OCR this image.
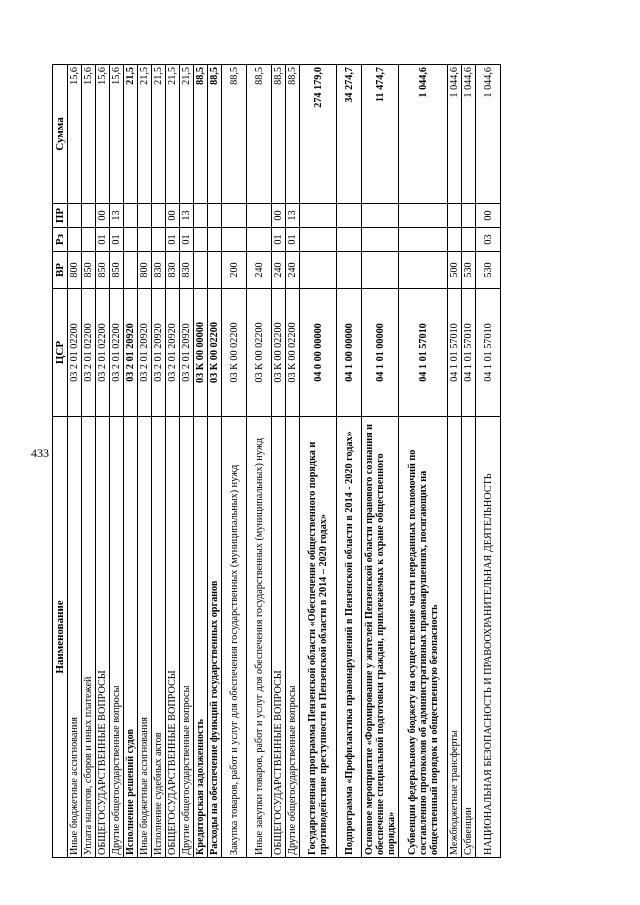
433
Наименование	ЦСР	ВР	Рз	ПР	Сумма
Иные бюджетные ассигнования	03 2 01 02200	800			15,6
Уплата налогов, сборов и иных платежей	03 2 01 02200	850			15,6
ОБЩЕГОСУДАРСТВЕННЫЕ ВОПРОСЫ	03 2 01 02200	850	01	00	15,6
Другие общегосударственные вопросы	03 2 01 02200	850	01	13	15,6
Исполнение решений судов	03 2 01 20920				21,5
Иные бюджетные ассигнования	03 2 01 20920	800			21,5
Исполнение судебных актов	03 2 01 20920	830			21,5
ОБЩЕГОСУДАРСТВЕННЫЕ ВОПРОСЫ	03 2 01 20920	830	01	00	21,5
Другие общегосударственные вопросы	03 2 01 20920	830	01	13	21,5
Кредиторская задолженность	03 К 00 00000				88,5
Расходы на обеспечение функций государственных органов	03 К 00 02200				88,5
Закупка товаров, работ и услуг для обеспечения государственных (муниципальных) нужд	03 К 00 02200	200			88,5
Иные закупки товаров, работ и услуг для обеспечения государственных (муниципальных) нужд	03 К 00 02200	240			88,5
ОБЩЕГОСУДАРСТВЕННЫЕ ВОПРОСЫ	03 К 00 02200	240	01	00	88,5
Другие общегосударственные вопросы	03 К 00 02200	240	01	13	88,5
Государственная программа Пензенской области «Обеспечение общественного порядка и противодействие преступности в Пензенской области в 2014 – 2020 годах»	04 0 00 00000				274 179,0
Подпрограмма «Профилактика правонарушений в Пензенской области в 2014 - 2020 годах»	04 1 00 00000				34 274,7
Основное мероприятие «Формирование у жителей Пензенской области правового сознания и обеспечение специальной подготовки граждан, привлекаемых к охране общественного порядка»	04 1 01 00000				11 474,7
Субвенции федеральному бюджету на осуществление части переданных полномочий по составлению протоколов об административных правонарушениях, посягающих на общественный порядок и общественную безопасность	04 1 01 57010				1 044,6
Межбюджетные трансферты	04 1 01 57010	500			1 044,6
Субвенции	04 1 01 57010	530			1 044,6
НАЦИОНАЛЬНАЯ БЕЗОПАСНОСТЬ И ПРАВООХРАНИТЕЛЬНАЯ ДЕЯТЕЛЬНОСТЬ	04 1 01 57010	530	03	00	1 044,6
